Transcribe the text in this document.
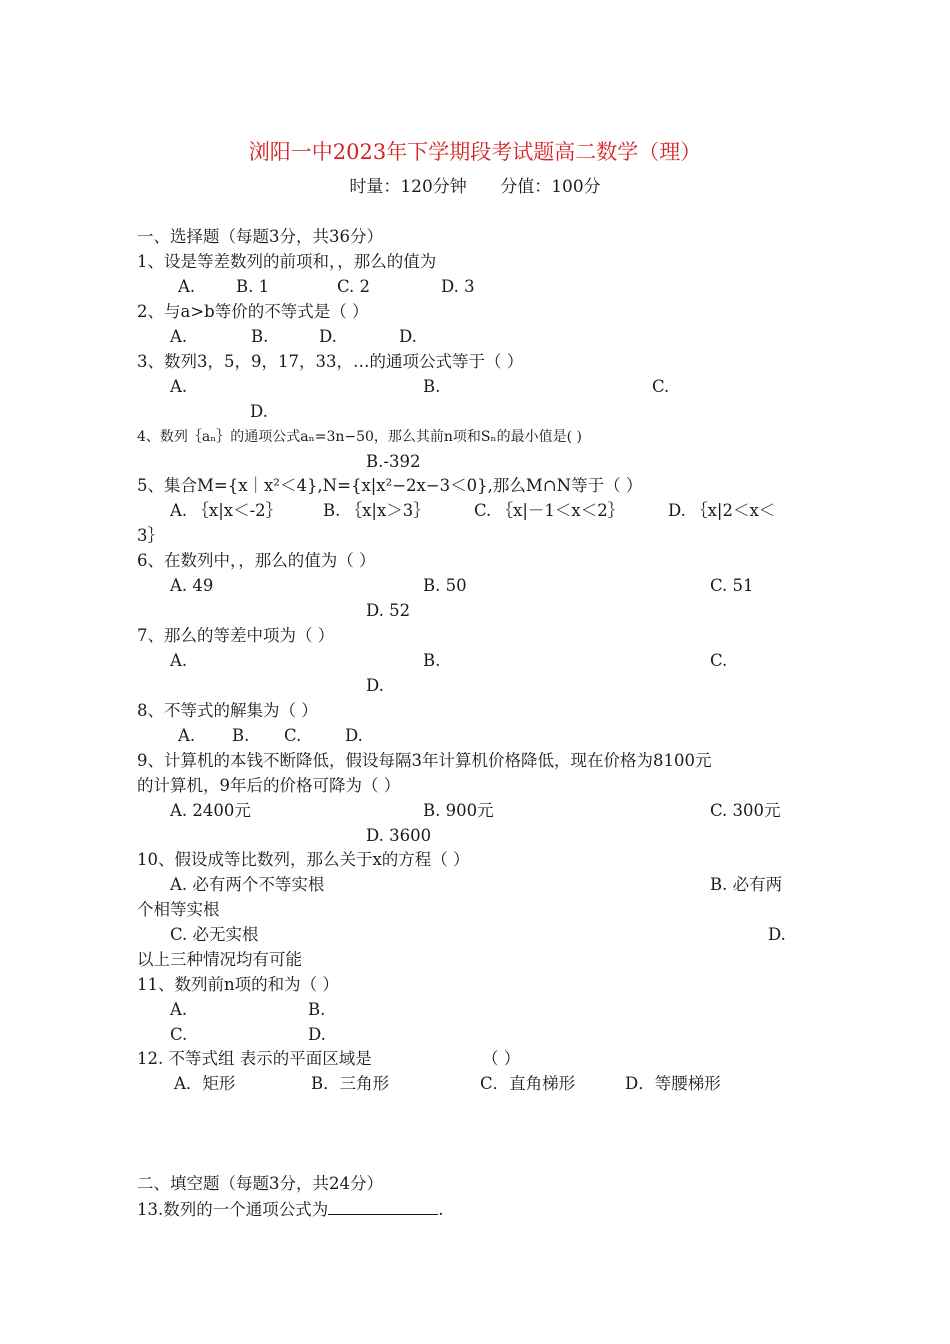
浏阳一中2023年下学期段考试题高二数学（理）
时量：120分钟 分值：100分
一、选择题（每题3分，共36分）
1、设是等差数列的前项和，，那么的值为
A. B. 1	C. 2	D. 3
2、与a>b等价的不等式是（ ）
A.	B.	D.	D.
3、数列3，5，9，17，33，…的通项公式等于（ ）
A.	B.	C.
D.
4、数列｛aₙ｝的通项公式aₙ=3n−50，那么其前n项和Sₙ的最小值是( )
B.-392
5、集合M={x｜x²＜4},N={x|x²−2x−3＜0},那么M∩N等于（ ）
A. ｛x|x＜-2｝ B. ｛x|x＞3｝	C. ｛x|－1＜x＜2｝	D. ｛x|2＜x＜
3｝
6、在数列中，，那么的值为（ ）
A. 49	B. 50	C. 51
D. 52
7、那么的等差中项为（ ）
A.	B.	C.
D.
8、不等式的解集为（ ）
A. B. C.	D.
9、计算机的本钱不断降低，假设每隔3年计算机价格降低，现在价格为8100元
的计算机，9年后的价格可降为（ ）
A. 2400元	B. 900元	C. 300元
D. 3600
10、假设成等比数列，那么关于x的方程（ ）
A. 必有两个不等实根	B. 必有两
个相等实根
C. 必无实根	D.
以上三种情况均有可能
11、数列前n项的和为（ ）
A.	B.
C.	D.
12. 不等式组 表示的平面区域是	（ ）
A．矩形	B．三角形	C．直角梯形	D．等腰梯形
二、填空题（每题3分，共24分）
13.数列的一个通项公式为	.
